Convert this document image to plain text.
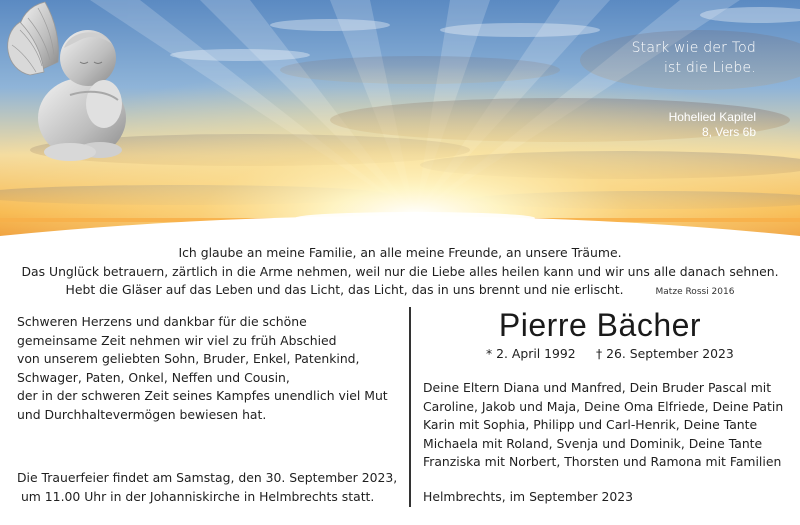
Stark wie der Tod
ist die Liebe.
Hohelied Kapitel
8, Vers 6b
Ich glaube an meine Familie, an alle meine Freunde, an unsere Träume.
Das Unglück betrauern, zärtlich in die Arme nehmen, weil nur die Liebe alles heilen kann und wir uns alle danach sehnen.
Hebt die Gläser auf das Leben und das Licht, das Licht, das in uns brennt und nie erlischt.	Matze Rossi 2016
Schweren Herzens und dankbar für die schöne
gemeinsame Zeit nehmen wir viel zu früh Abschied
von unserem geliebten Sohn, Bruder, Enkel, Patenkind,
Schwager, Paten, Onkel, Neffen und Cousin,
der in der schweren Zeit seines Kampfes unendlich viel Mut
und Durchhaltevermögen bewiesen hat.
Die Trauerfeier findet am Samstag, den 30. September 2023,
um 11.00 Uhr in der Johanniskirche in Helmbrechts statt.
Pierre Bächer
* 2. April 1992 † 26. September 2023
Deine Eltern Diana und Manfred, Dein Bruder Pascal mit
Caroline, Jakob und Maja, Deine Oma Elfriede, Deine Patin
Karin mit Sophia, Philipp und Carl-Henrik, Deine Tante
Michaela mit Roland, Svenja und Dominik, Deine Tante
Franziska mit Norbert, Thorsten und Ramona mit Familien
Helmbrechts, im September 2023
